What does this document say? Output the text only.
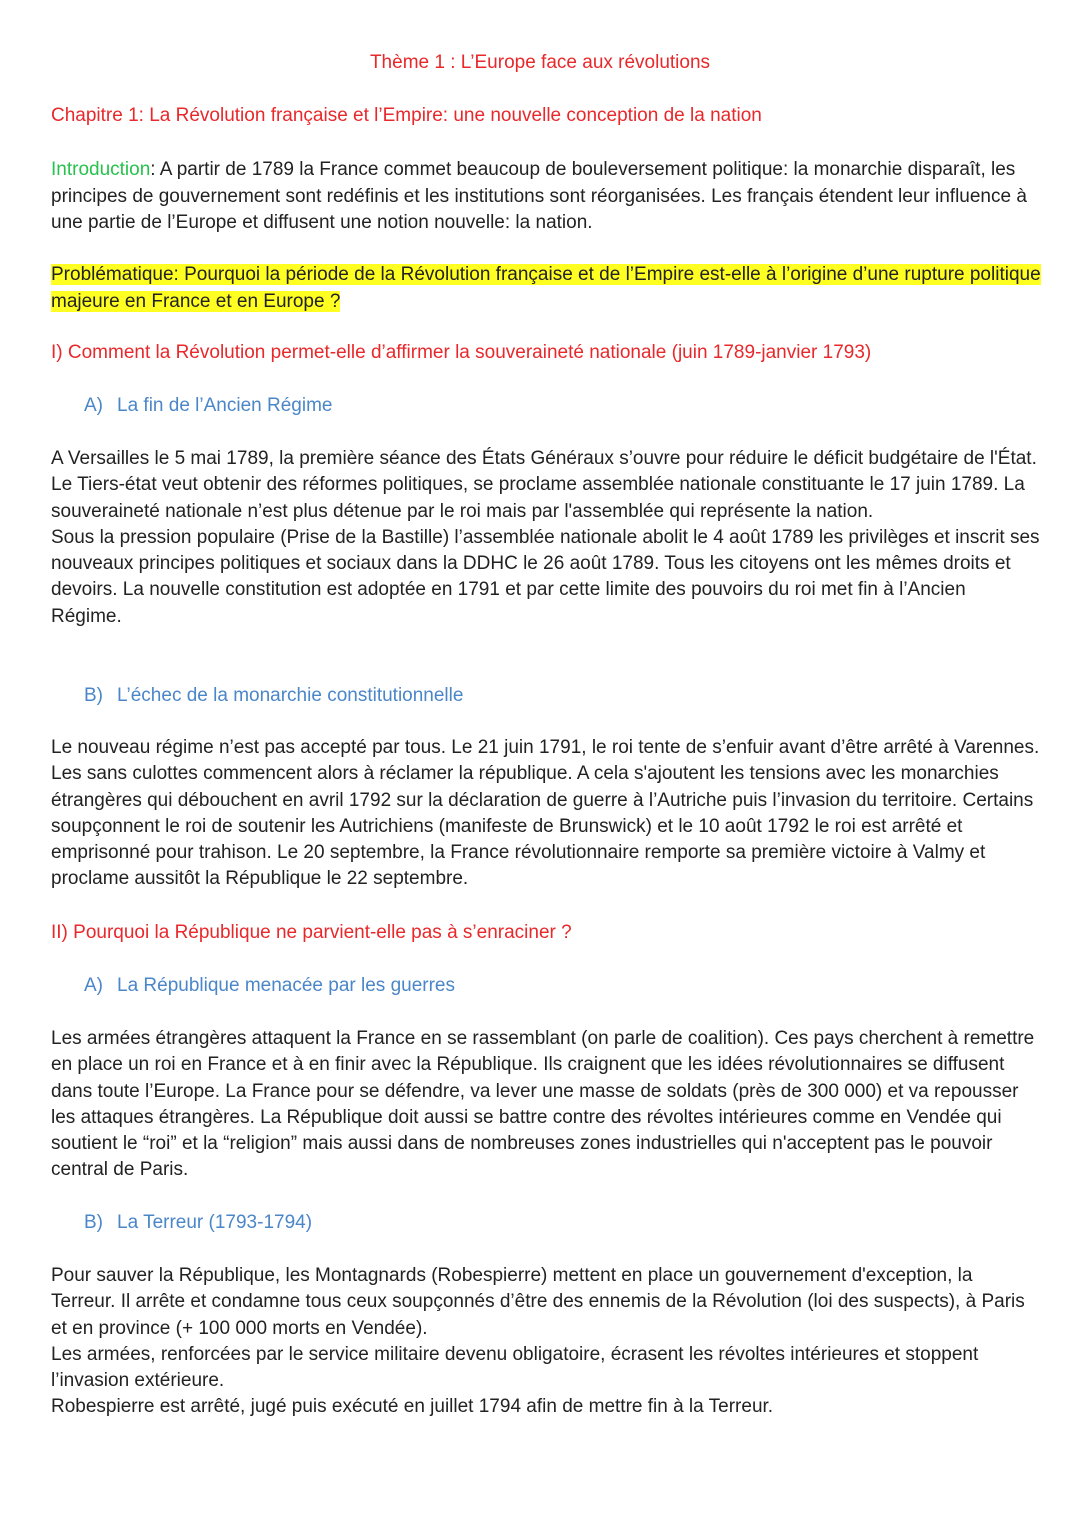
Thème 1 : L’Europe face aux révolutions
Chapitre 1: La Révolution française et l’Empire: une nouvelle conception de la nation

Introduction: A partir de 1789 la France commet beaucoup de bouleversement politique: la monarchie disparaît, les principes de gouvernement sont redéfinis et les institutions sont réorganisées. Les français étendent leur influence à une partie de l’Europe et diffusent une notion nouvelle: la nation.

Problématique: Pourquoi la période de la Révolution française et de l’Empire est-elle à l’origine d’une rupture politique majeure en France et en Europe ?

I) Comment la Révolution permet-elle d’affirmer la souveraineté nationale (juin 1789-janvier 1793)
A) La fin de l’Ancien Régime
A Versailles le 5 mai 1789, la première séance des États Généraux s’ouvre pour réduire le déficit budgétaire de l'État. Le Tiers-état veut obtenir des réformes politiques, se proclame assemblée nationale constituante le 17 juin 1789. La souveraineté nationale n’est plus détenue par le roi mais par l'assemblée qui représente la nation.
Sous la pression populaire (Prise de la Bastille) l’assemblée nationale abolit le 4 août 1789 les privilèges et inscrit ses nouveaux principes politiques et sociaux dans la DDHC le 26 août 1789. Tous les citoyens ont les mêmes droits et devoirs. La nouvelle constitution est adoptée en 1791 et par cette limite des pouvoirs du roi met fin à l’Ancien Régime.
B) L’échec de la monarchie constitutionnelle
Le nouveau régime n’est pas accepté par tous. Le 21 juin 1791, le roi tente de s’enfuir avant d’être arrêté à Varennes. Les sans culottes commencent alors à réclamer la république. A cela s'ajoutent les tensions avec les monarchies étrangères qui débouchent en avril 1792 sur la déclaration de guerre à l’Autriche puis l’invasion du territoire. Certains soupçonnent le roi de soutenir les Autrichiens (manifeste de Brunswick) et le 10 août 1792 le roi est arrêté et emprisonné pour trahison. Le 20 septembre, la France révolutionnaire remporte sa première victoire à Valmy et proclame aussitôt la République le 22 septembre.
II) Pourquoi la République ne parvient-elle pas à s’enraciner ?
A) La République menacée par les guerres
Les armées étrangères attaquent la France en se rassemblant (on parle de coalition). Ces pays cherchent à remettre en place un roi en France et à en finir avec la République. Ils craignent que les idées révolutionnaires se diffusent dans toute l’Europe. La France pour se défendre, va lever une masse de soldats (près de 300 000) et va repousser les attaques étrangères. La République doit aussi se battre contre des révoltes intérieures comme en Vendée qui soutient le “roi” et la “religion” mais aussi dans de nombreuses zones industrielles qui n'acceptent pas le pouvoir central de Paris.
B) La Terreur (1793-1794)
Pour sauver la République, les Montagnards (Robespierre) mettent en place un gouvernement d'exception, la Terreur. Il arrête et condamne tous ceux soupçonnés d’être des ennemis de la Révolution (loi des suspects), à Paris et en province (+ 100 000 morts en Vendée).
Les armées, renforcées par le service militaire devenu obligatoire, écrasent les révoltes intérieures et stoppent l’invasion extérieure.
Robespierre est arrêté, jugé puis exécuté en juillet 1794 afin de mettre fin à la Terreur.
